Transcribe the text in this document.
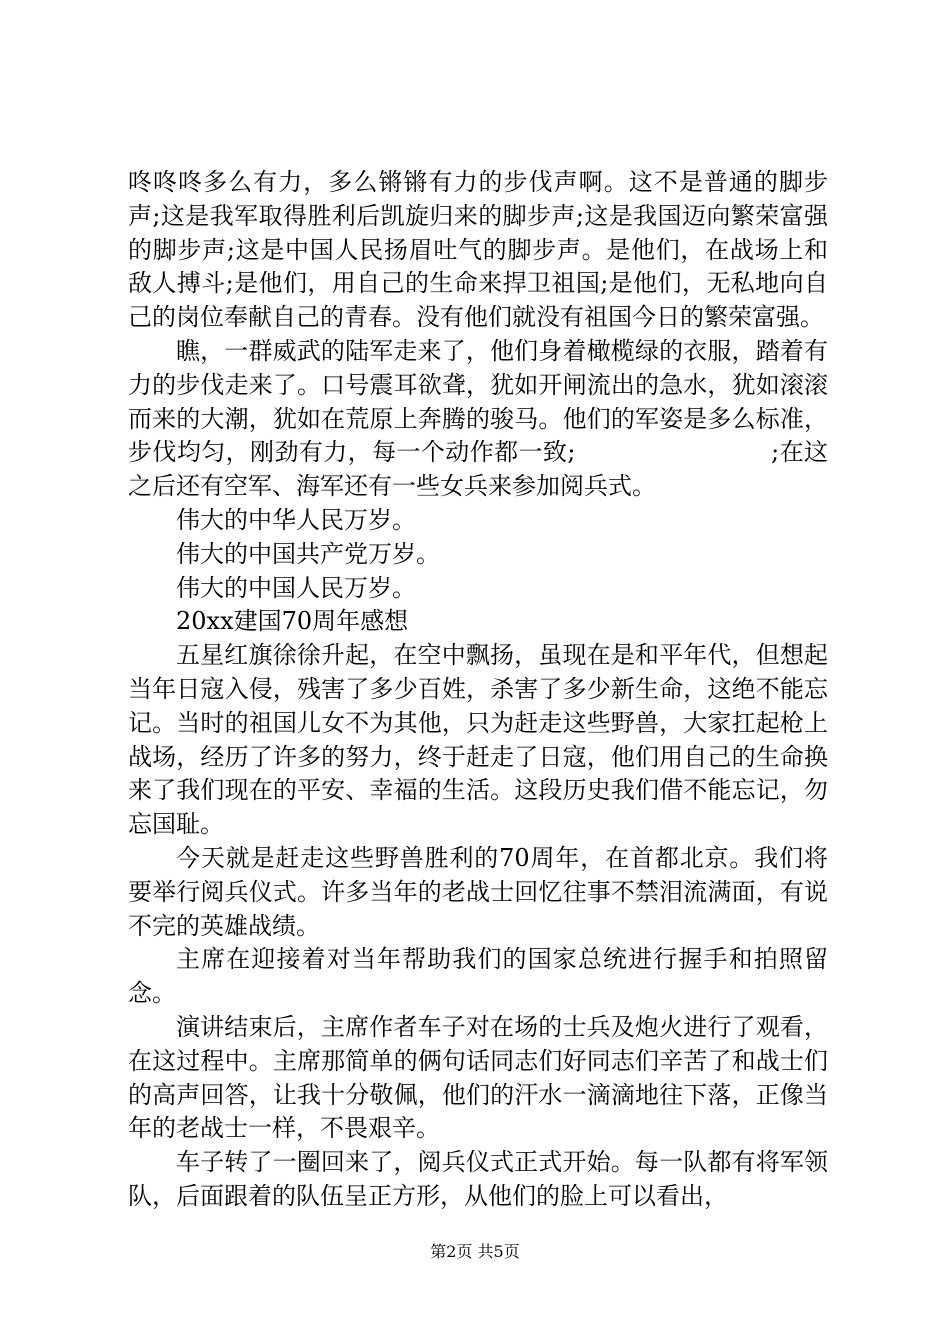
咚咚咚多么有力，多么锵锵有力的步伐声啊。这不是普通的脚步声;这是我军取得胜利后凯旋归来的脚步声;这是我国迈向繁荣富强的脚步声;这是中国人民扬眉吐气的脚步声。是他们，在战场上和敌人搏斗;是他们，用自己的生命来捍卫祖国;是他们，无私地向自己的岗位奉献自己的青春。没有他们就没有祖国今日的繁荣富强。

瞧，一群威武的陆军走来了，他们身着橄榄绿的衣服，踏着有力的步伐走来了。口号震耳欲聋，犹如开闸流出的急水，犹如滚滚而来的大潮，犹如在荒原上奔腾的骏马。他们的军姿是多么标准，步伐均匀，刚劲有力，每一个动作都一致;　　　　　　　　;在这之后还有空军、海军还有一些女兵来参加阅兵式。

伟大的中华人民万岁。

伟大的中国共产党万岁。

伟大的中国人民万岁。

20xx建国70周年感想

五星红旗徐徐升起，在空中飘扬，虽现在是和平年代，但想起当年日寇入侵，残害了多少百姓，杀害了多少新生命，这绝不能忘记。当时的祖国儿女不为其他，只为赶走这些野兽，大家扛起枪上战场，经历了许多的努力，终于赶走了日寇，他们用自己的生命换来了我们现在的平安、幸福的生活。这段历史我们借不能忘记，勿忘国耻。

今天就是赶走这些野兽胜利的70周年，在首都北京。我们将要举行阅兵仪式。许多当年的老战士回忆往事不禁泪流满面，有说不完的英雄战绩。

主席在迎接着对当年帮助我们的国家总统进行握手和拍照留念。

演讲结束后，主席作者车子对在场的士兵及炮火进行了观看，在这过程中。主席那简单的俩句话同志们好同志们辛苦了和战士们的高声回答，让我十分敬佩，他们的汗水一滴滴地往下落，正像当年的老战士一样，不畏艰辛。

车子转了一圈回来了，阅兵仪式正式开始。每一队都有将军领队，后面跟着的队伍呈正方形，从他们的脸上可以看出，

第2页 共5页
